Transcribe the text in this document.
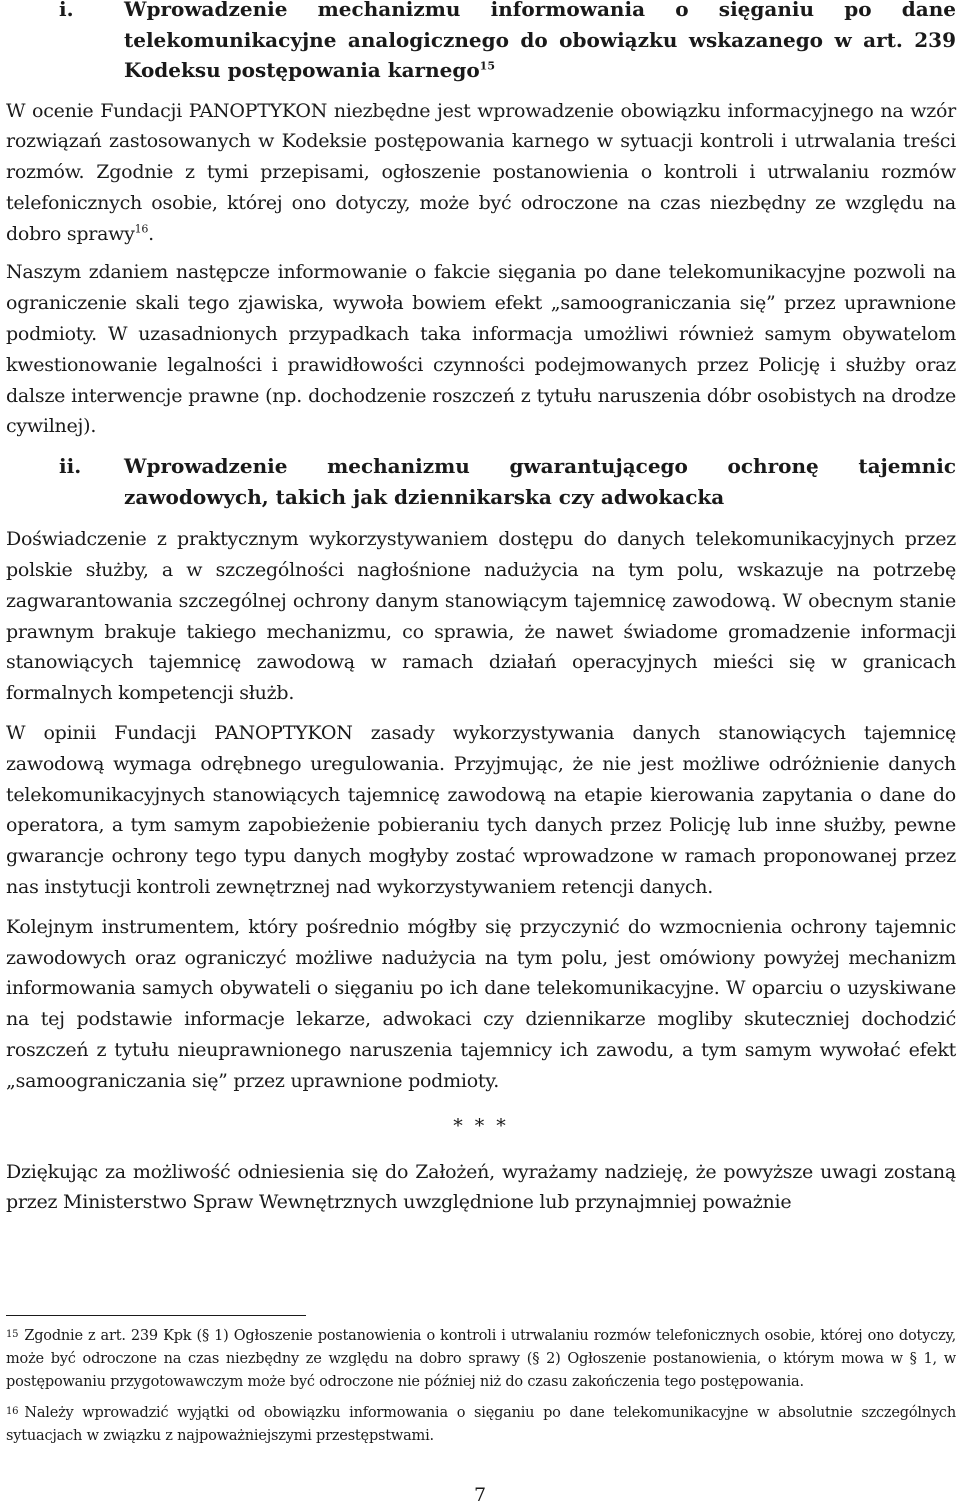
i.	Wprowadzenie mechanizmu informowania o sięganiu po dane telekomunikacyjne analogicznego do obowiązku wskazanego w art. 239 Kodeksu postępowania karnego$^{15}$

W ocenie Fundacji PANOPTYKON niezbędne jest wprowadzenie obowiązku informacyjnego na wzór rozwiązań zastosowanych w Kodeksie postępowania karnego w sytuacji kontroli i utrwalania treści rozmów. Zgodnie z tymi przepisami, ogłoszenie postanowienia o kontroli i utrwalaniu rozmów telefonicznych osobie, której ono dotyczy, może być odroczone na czas niezbędny ze względu na dobro sprawy$^{16}$.

Naszym zdaniem następcze informowanie o fakcie sięgania po dane telekomunikacyjne pozwoli na ograniczenie skali tego zjawiska, wywoła bowiem efekt „samoograniczania się” przez uprawnione podmioty. W uzasadnionych przypadkach taka informacja umożliwi również samym obywatelom kwestionowanie legalności i prawidłowości czynności podejmowanych przez Policję i służby oraz dalsze interwencje prawne (np. dochodzenie roszczeń z tytułu naruszenia dóbr osobistych na drodze cywilnej).

ii. Wprowadzenie mechanizmu gwarantującego ochronę tajemnic zawodowych, takich jak dziennikarska czy adwokacka

Doświadczenie z praktycznym wykorzystywaniem dostępu do danych telekomunikacyjnych przez polskie służby, a w szczególności nagłośnione nadużycia na tym polu, wskazuje na potrzebę zagwarantowania szczególnej ochrony danym stanowiącym tajemnicę zawodową. W obecnym stanie prawnym brakuje takiego mechanizmu, co sprawia, że nawet świadome gromadzenie informacji stanowiących tajemnicę zawodową w ramach działań operacyjnych mieści się w granicach formalnych kompetencji służb.

W opinii Fundacji PANOPTYKON zasady wykorzystywania danych stanowiących tajemnicę zawodową wymaga odrębnego uregulowania. Przyjmując, że nie jest możliwe odróżnienie danych telekomunikacyjnych stanowiących tajemnicę zawodową na etapie kierowania zapytania o dane do operatora, a tym samym zapobieżenie pobieraniu tych danych przez Policję lub inne służby, pewne gwarancje ochrony tego typu danych mogłyby zostać wprowadzone w ramach proponowanej przez nas instytucji kontroli zewnętrznej nad wykorzystywaniem retencji danych.

Kolejnym instrumentem, który pośrednio mógłby się przyczynić do wzmocnienia ochrony tajemnic zawodowych oraz ograniczyć możliwe nadużycia na tym polu, jest omówiony powyżej mechanizm informowania samych obywateli o sięganiu po ich dane telekomunikacyjne. W oparciu o uzyskiwane na tej podstawie informacje lekarze, adwokaci czy dziennikarze mogliby skuteczniej dochodzić roszczeń z tytułu nieuprawnionego naruszenia tajemnicy ich zawodu, a tym samym wywołać efekt „samoograniczania się” przez uprawnione podmioty.

* * *

Dziękując za możliwość odniesienia się do Założeń, wyrażamy nadzieję, że powyższe uwagi zostaną przez Ministerstwo Spraw Wewnętrznych uwzględnione lub przynajmniej poważnie

$^{15}$ Zgodnie z art. 239 Kpk (§ 1) Ogłoszenie postanowienia o kontroli i utrwalaniu rozmów telefonicznych osobie, której ono dotyczy, może być odroczone na czas niezbędny ze względu na dobro sprawy (§ 2) Ogłoszenie postanowienia, o którym mowa w § 1, w postępowaniu przygotowawczym może być odroczone nie później niż do czasu zakończenia tego postępowania.

$^{16}$ Należy wprowadzić wyjątki od obowiązku informowania o sięganiu po dane telekomunikacyjne w absolutnie szczególnych sytuacjach w związku z najpoważniejszymi przestępstwami.

7
